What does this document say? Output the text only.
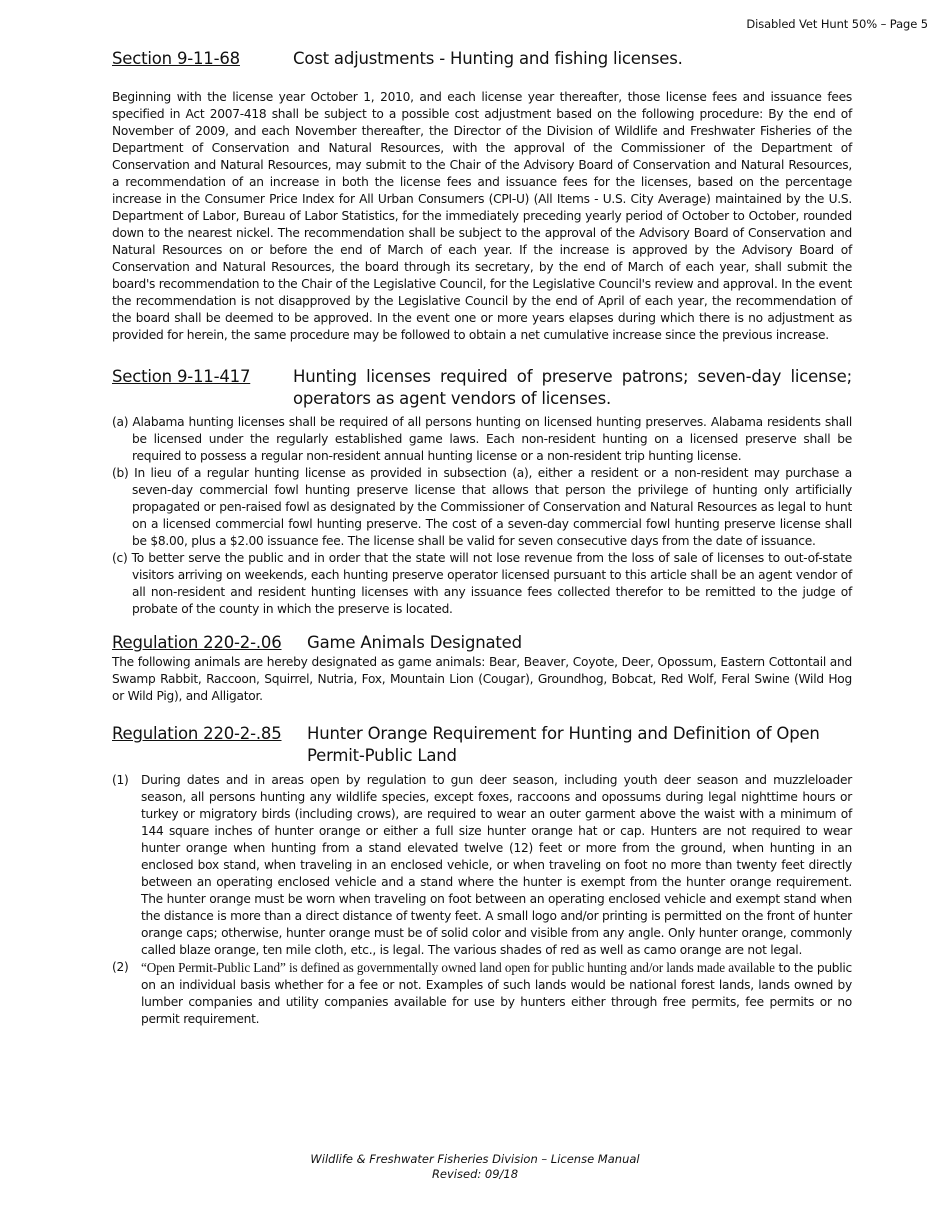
Disabled Vet Hunt 50% – Page 5
Section 9-11-68	Cost adjustments - Hunting and fishing licenses.

Beginning with the license year October 1, 2010, and each license year thereafter, those license fees and issuance fees specified in Act 2007-418 shall be subject to a possible cost adjustment based on the following procedure: By the end of November of 2009, and each November thereafter, the Director of the Division of Wildlife and Freshwater Fisheries of the Department of Conservation and Natural Resources, with the approval of the Commissioner of the Department of Conservation and Natural Resources, may submit to the Chair of the Advisory Board of Conservation and Natural Resources, a recommendation of an increase in both the license fees and issuance fees for the licenses, based on the percentage increase in the Consumer Price Index for All Urban Consumers (CPI-U) (All Items - U.S. City Average) maintained by the U.S. Department of Labor, Bureau of Labor Statistics, for the immediately preceding yearly period of October to October, rounded down to the nearest nickel. The recommendation shall be subject to the approval of the Advisory Board of Conservation and Natural Resources on or before the end of March of each year. If the increase is approved by the Advisory Board of Conservation and Natural Resources, the board through its secretary, by the end of March of each year, shall submit the board's recommendation to the Chair of the Legislative Council, for the Legislative Council's review and approval. In the event the recommendation is not disapproved by the Legislative Council by the end of April of each year, the recommendation of the board shall be deemed to be approved. In the event one or more years elapses during which there is no adjustment as provided for herein, the same procedure may be followed to obtain a net cumulative increase since the previous increase.

Section 9-11-417	Hunting licenses required of preserve patrons; seven-day license; operators as agent vendors of licenses.
(a) Alabama hunting licenses shall be required of all persons hunting on licensed hunting preserves. Alabama residents shall be licensed under the regularly established game laws. Each non-resident hunting on a licensed preserve shall be required to possess a regular non-resident annual hunting license or a non-resident trip hunting license.
(b) In lieu of a regular hunting license as provided in subsection (a), either a resident or a non-resident may purchase a seven-day commercial fowl hunting preserve license that allows that person the privilege of hunting only artificially propagated or pen-raised fowl as designated by the Commissioner of Conservation and Natural Resources as legal to hunt on a licensed commercial fowl hunting preserve. The cost of a seven-day commercial fowl hunting preserve license shall be $8.00, plus a $2.00 issuance fee. The license shall be valid for seven consecutive days from the date of issuance.
(c) To better serve the public and in order that the state will not lose revenue from the loss of sale of licenses to out-of-state visitors arriving on weekends, each hunting preserve operator licensed pursuant to this article shall be an agent vendor of all non-resident and resident hunting licenses with any issuance fees collected therefor to be remitted to the judge of probate of the county in which the preserve is located.
Regulation 220-2-.06	Game Animals Designated

The following animals are hereby designated as game animals: Bear, Beaver, Coyote, Deer, Opossum, Eastern Cottontail and Swamp Rabbit, Raccoon, Squirrel, Nutria, Fox, Mountain Lion (Cougar), Groundhog, Bobcat, Red Wolf, Feral Swine (Wild Hog or Wild Pig), and Alligator.

Regulation 220-2-.85	Hunter Orange Requirement for Hunting and Definition of Open Permit-Public Land
(1)	During dates and in areas open by regulation to gun deer season, including youth deer season and muzzleloader season, all persons hunting any wildlife species, except foxes, raccoons and opossums during legal nighttime hours or turkey or migratory birds (including crows), are required to wear an outer garment above the waist with a minimum of 144 square inches of hunter orange or either a full size hunter orange hat or cap. Hunters are not required to wear hunter orange when hunting from a stand elevated twelve (12) feet or more from the ground, when hunting in an enclosed box stand, when traveling in an enclosed vehicle, or when traveling on foot no more than twenty feet directly between an operating enclosed vehicle and a stand where the hunter is exempt from the hunter orange requirement. The hunter orange must be worn when traveling on foot between an operating enclosed vehicle and exempt stand when the distance is more than a direct distance of twenty feet. A small logo and/or printing is permitted on the front of hunter orange caps; otherwise, hunter orange must be of solid color and visible from any angle. Only hunter orange, commonly called blaze orange, ten mile cloth, etc., is legal. The various shades of red as well as camo orange are not legal.
(2) “Open Permit-Public Land” is defined as governmentally owned land open for public hunting and/or lands made available to the public on an individual basis whether for a fee or not. Examples of such lands would be national forest lands, lands owned by lumber companies and utility companies available for use by hunters either through free permits, fee permits or no permit requirement.
Wildlife & Freshwater Fisheries Division – License Manual
Revised: 09/18
